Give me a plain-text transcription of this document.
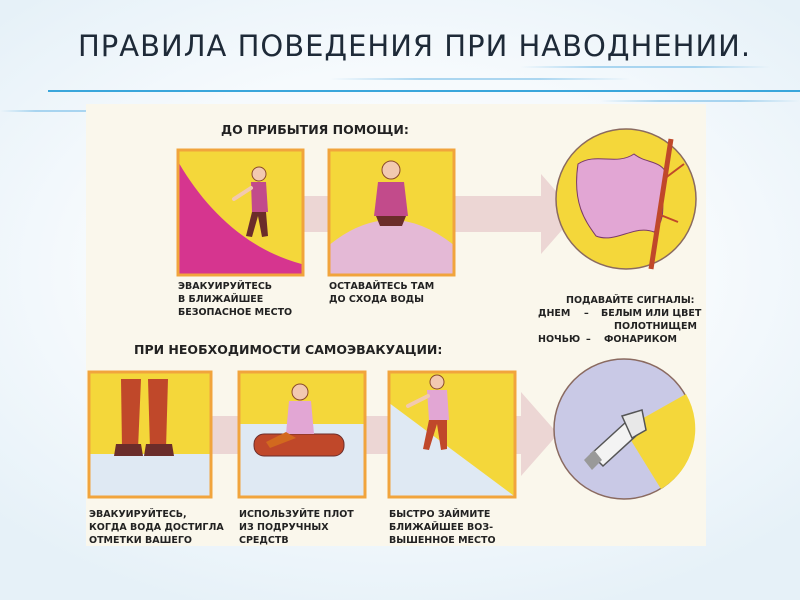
ПРАВИЛА ПОВЕДЕНИЯ ПРИ НАВОДНЕНИИ.
ДО ПРИБЫТИЯ ПОМОЩИ:
ПРИ НЕОБХОДИМОСТИ САМОЭВАКУАЦИИ:
ЭВАКУИРУЙТЕСЬ В БЛИЖАЙШЕЕ БЕЗОПАСНОЕ МЕСТО
ОСТАВАЙТЕСЬ ТАМ ДО СХОДА ВОДЫ	ПОДАВАЙТЕ СИГНАЛЫ:
ДНЕМ – БЕЛЫМ ИЛИ ЦВЕТ
ПОЛОТНИЩЕМ
НОЧЬЮ – ФОНАРИКОМ
ЭВАКУИРУЙТЕСЬ, КОГДА ВОДА ДОСТИГЛА ОТМЕТКИ ВАШЕГО
ИСПОЛЬЗУЙТЕ ПЛОТ ИЗ ПОДРУЧНЫХ СРЕДСТВ
БЫСТРО ЗАЙМИТЕ БЛИЖАЙШЕЕ ВОЗ- ВЫШЕННОЕ МЕСТО
